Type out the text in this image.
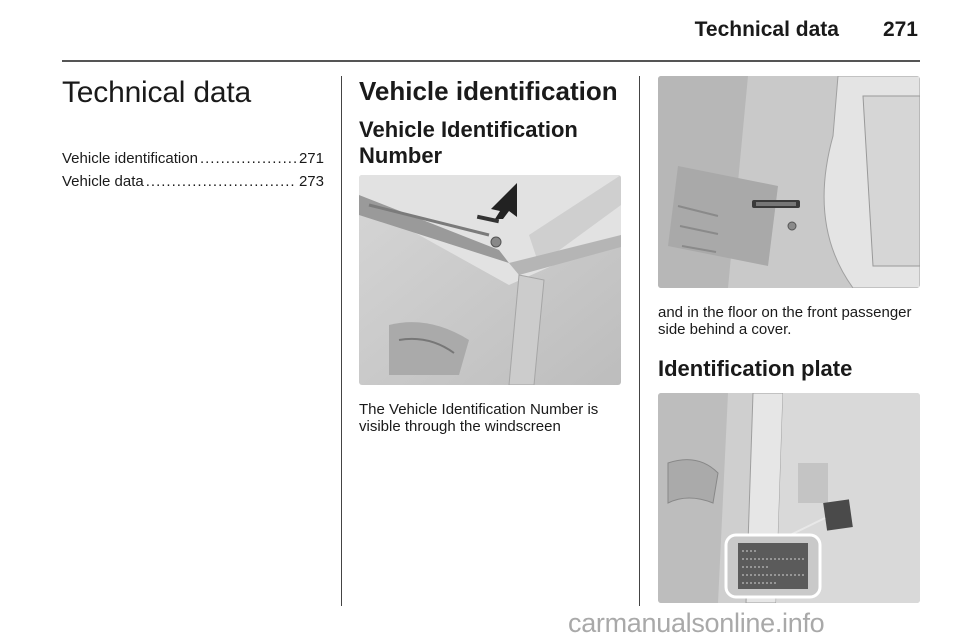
Technical data 271
Technical data
Vehicle identification .....	271
Vehicle data .....	273
Vehicle identification
Vehicle Identification Number

The Vehicle Identification Number is visible through the windscreen

and in the floor on the front passenger side behind a cover.

Identification plate
carmanualsonline.info
